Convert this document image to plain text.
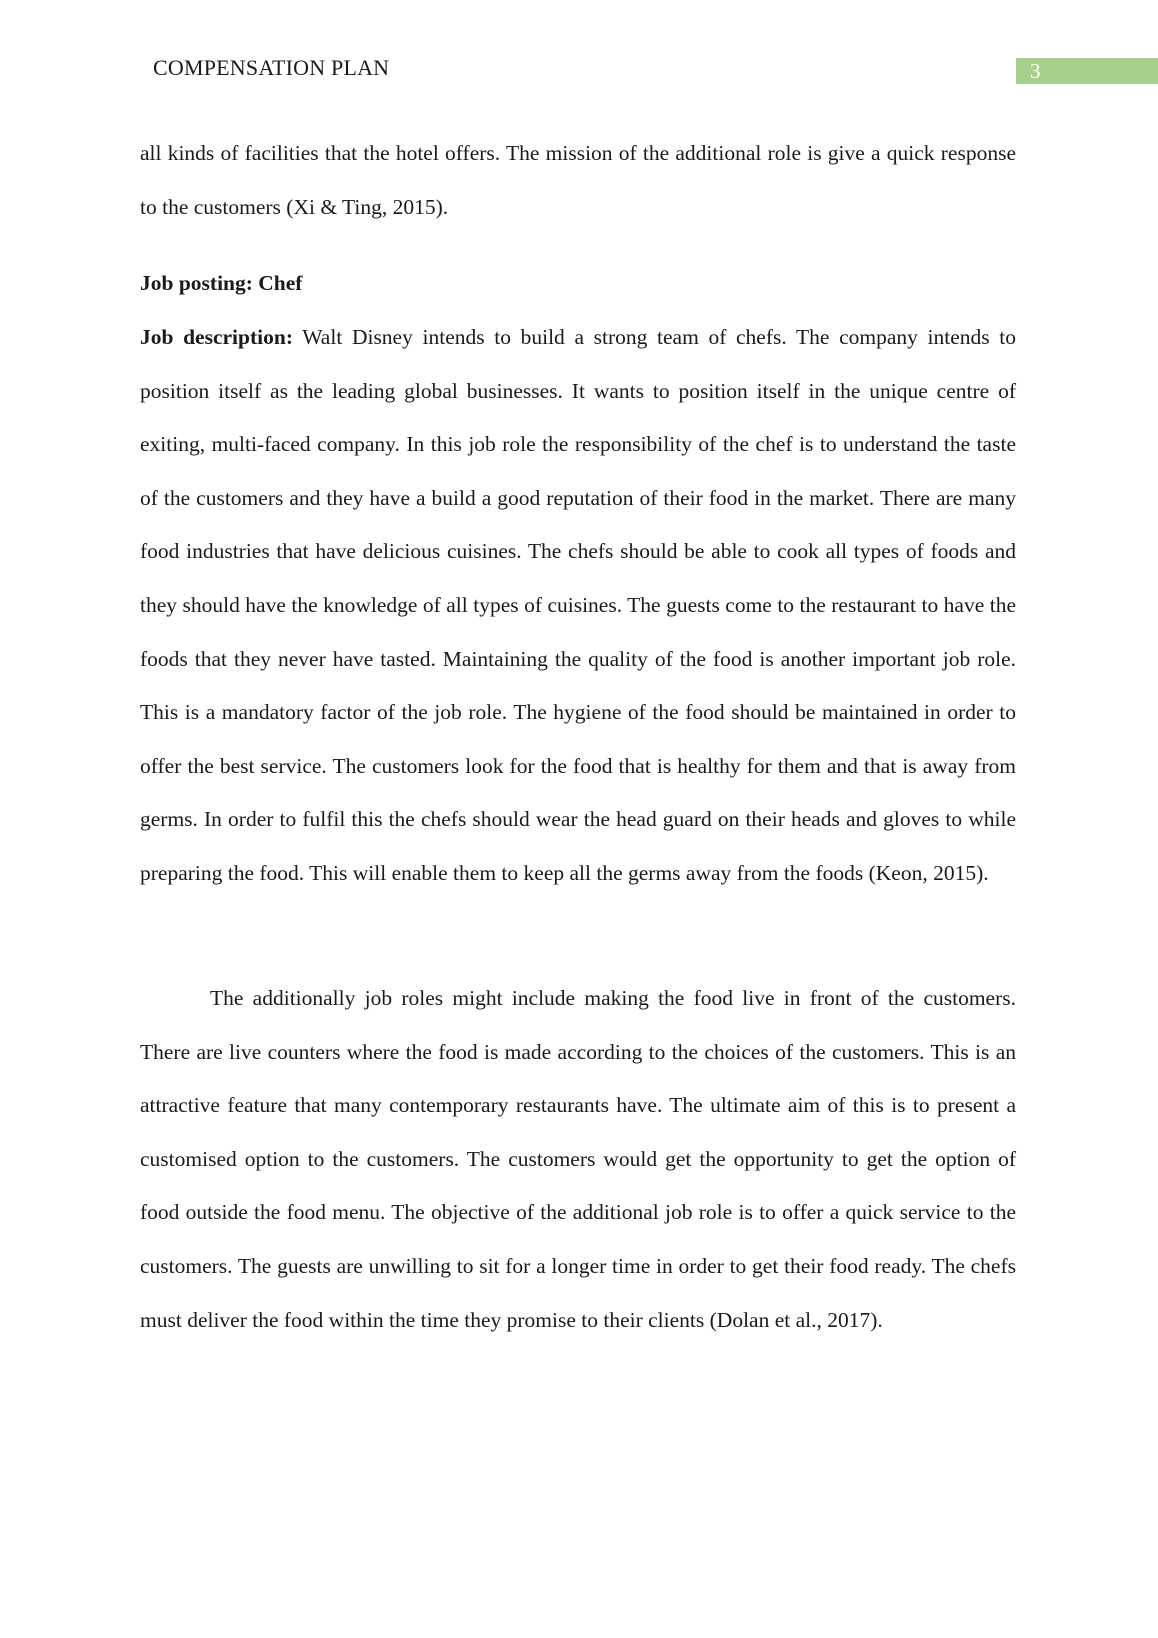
COMPENSATION PLAN	3

all kinds of facilities that the hotel offers. The mission of the additional role is give a quick response to the customers (Xi & Ting, 2015).

Job posting: Chef

Job description: Walt Disney intends to build a strong team of chefs. The company intends to position itself as the leading global businesses. It wants to position itself in the unique centre of exiting, multi-faced company. In this job role the responsibility of the chef is to understand the taste of the customers and they have a build a good reputation of their food in the market. There are many food industries that have delicious cuisines. The chefs should be able to cook all types of foods and they should have the knowledge of all types of cuisines. The guests come to the restaurant to have the foods that they never have tasted. Maintaining the quality of the food is another important job role. This is a mandatory factor of the job role. The hygiene of the food should be maintained in order to offer the best service. The customers look for the food that is healthy for them and that is away from germs. In order to fulfil this the chefs should wear the head guard on their heads and gloves to while preparing the food. This will enable them to keep all the germs away from the foods (Keon, 2015).

The additionally job roles might include making the food live in front of the customers. There are live counters where the food is made according to the choices of the customers. This is an attractive feature that many contemporary restaurants have. The ultimate aim of this is to present a customised option to the customers. The customers would get the opportunity to get the option of food outside the food menu. The objective of the additional job role is to offer a quick service to the customers. The guests are unwilling to sit for a longer time in order to get their food ready. The chefs must deliver the food within the time they promise to their clients (Dolan et al., 2017).
